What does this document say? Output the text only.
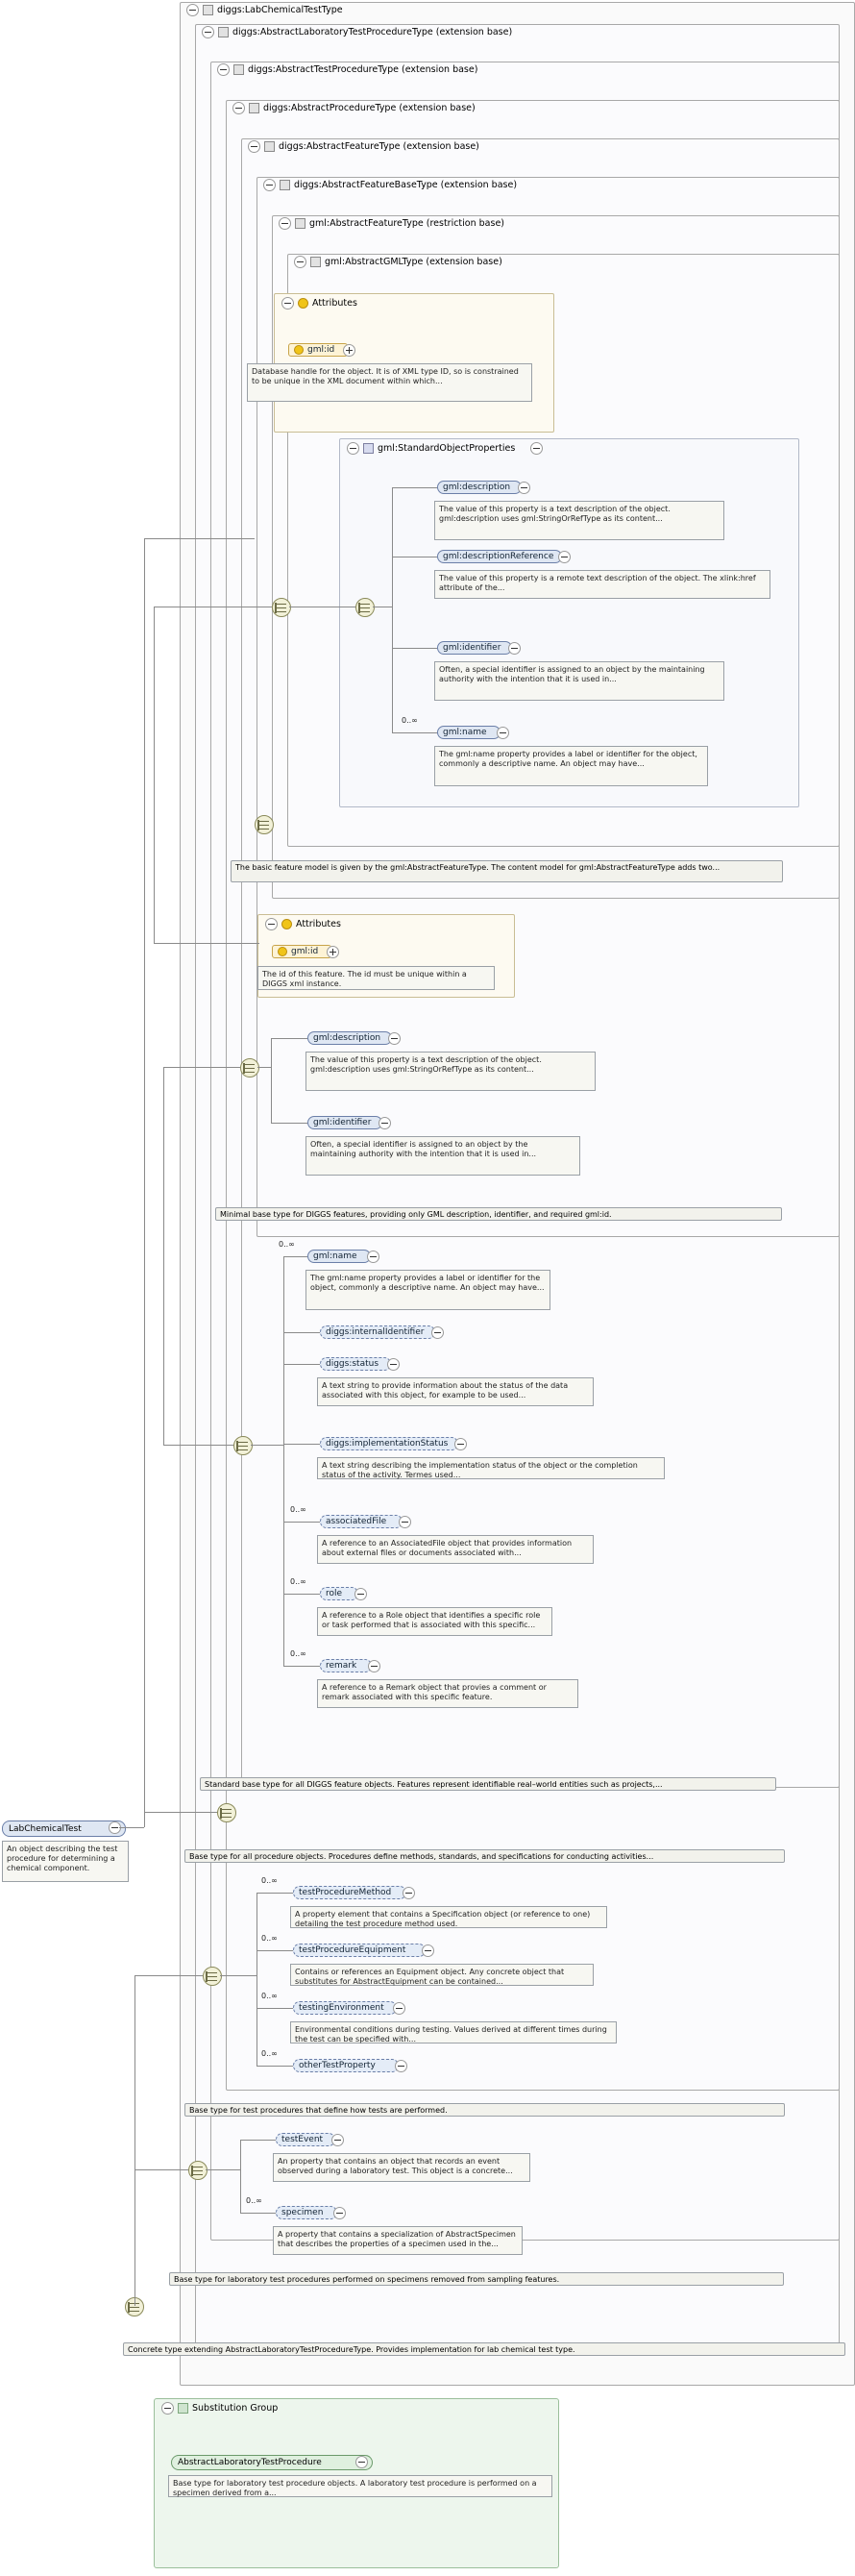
diggs:LabChemicalTestType
diggs:AbstractLaboratoryTestProcedureType (extension base)
diggs:AbstractTestProcedureType (extension base)
diggs:AbstractProcedureType (extension base)
diggs:AbstractFeatureType (extension base)
diggs:AbstractFeatureBaseType (extension base)
gml:AbstractFeatureType (restriction base)
gml:AbstractGMLType (extension base)
Attributes
gml:id
Database handle for the object. It is of XML type ID, so is constrained to be unique in the XML document within which...
gml:StandardObjectProperties
gml:description
The value of this property is a text description of the object. gml:description uses gml:StringOrRefType as its content...
gml:descriptionReference
The value of this property is a remote text description of the object. The xlink:href attribute of the...
gml:identifier
Often, a special identifier is assigned to an object by the maintaining authority with the intention that it is used in...
0..∞
gml:name
The gml:name property provides a label or identifier for the object, commonly a descriptive name. An object may have...
The basic feature model is given by the gml:AbstractFeatureType. The content model for gml:AbstractFeatureType adds two...
Attributes
gml:id
The id of this feature. The id must be unique within a DIGGS xml instance.
gml:description
The value of this property is a text description of the object. gml:description uses gml:StringOrRefType as its content...
gml:identifier
Often, a special identifier is assigned to an object by the maintaining authority with the intention that it is used in...
Minimal base type for DIGGS features, providing only GML description, identifier, and required gml:id.
0..∞
gml:name
The gml:name property provides a label or identifier for the object, commonly a descriptive name. An object may have...
diggs:internalIdentifier
diggs:status
A text string to provide information about the status of the data associated with this object, for example to be used...
diggs:implementationStatus
A text string describing the implementation status of the object or the completion status of the activity. Termes used...
0..∞
associatedFile
A reference to an AssociatedFile object that provides information about external files or documents associated with...
0..∞
role
A reference to a Role object that identifies a specific role or task performed that is associated with this specific...
0..∞
remark
A reference to a Remark object that provies a comment or remark associated with this specific feature.
Standard base type for all DIGGS feature objects. Features represent identifiable real–world entities such as projects,...
Base type for all procedure objects. Procedures define methods, standards, and specifications for conducting activities...
0..∞
testProcedureMethod
A property element that contains a Specification object (or reference to one) detailing the test procedure method used.
0..∞
testProcedureEquipment
Contains or references an Equipment object. Any concrete object that substitutes for AbstractEquipment can be contained...
0..∞
testingEnvironment
Environmental conditions during testing. Values derived at different times during the test can be specified with...
0..∞
otherTestProperty
Base type for test procedures that define how tests are performed.
testEvent
An property that contains an object that records an event observed during a laboratory test. This object is a concrete...
0..∞
specimen
A property that contains a specialization of AbstractSpecimen that describes the properties of a specimen used in the...
Base type for laboratory test procedures performed on specimens removed from sampling features.
Concrete type extending AbstractLaboratoryTestProcedureType. Provides implementation for lab chemical test type.
LabChemicalTest
An object describing the test procedure for determining a chemical component.
Substitution Group
AbstractLaboratoryTestProcedure
Base type for laboratory test procedure objects. A laboratory test procedure is performed on a specimen derived from a...
